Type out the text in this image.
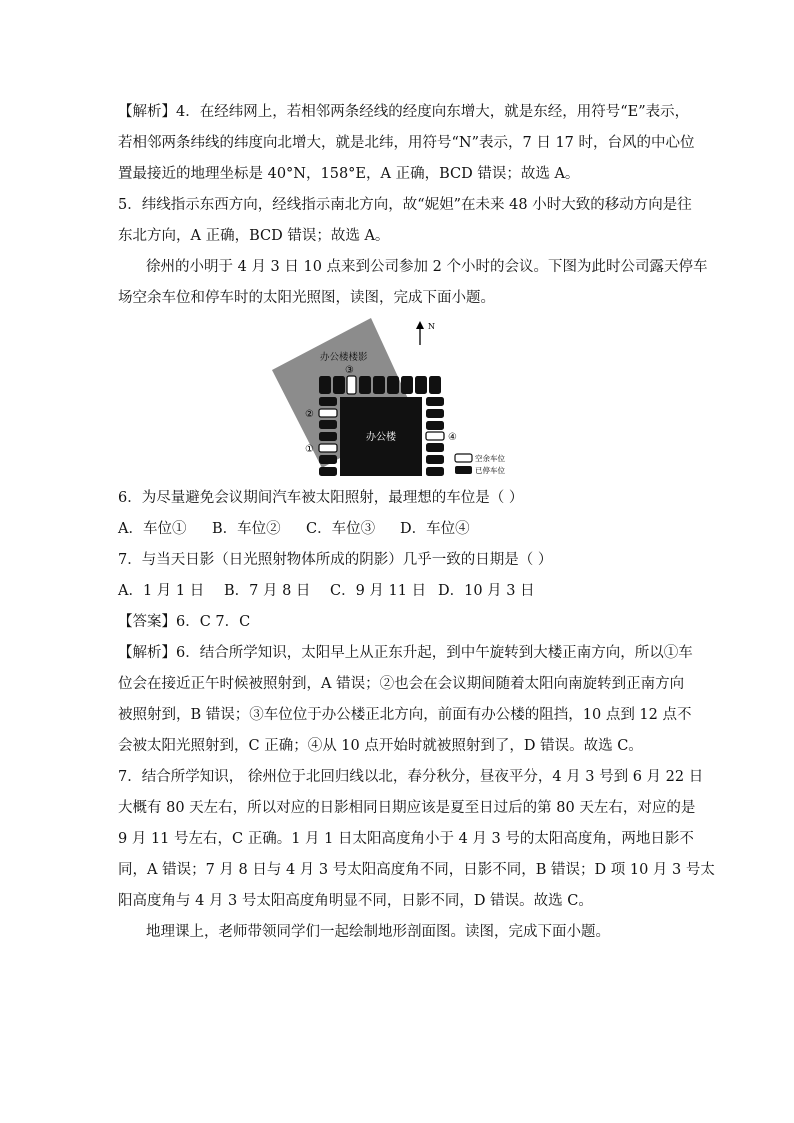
【解析】4．在经纬网上，若相邻两条经线的经度向东增大，就是东经，用符号“E”表示，
若相邻两条纬线的纬度向北增大，就是北纬，用符号“N”表示，7 日 17 时，台风的中心位
置最接近的地理坐标是 40°N，158°E，A 正确，BCD 错误；故选 A。
5．纬线指示东西方向，经线指示南北方向，故“妮妲”在未来 48 小时大致的移动方向是往
东北方向，A 正确，BCD 错误；故选 A。
徐州的小明于 4 月 3 日 10 点来到公司参加 2 个小时的会议。下图为此时公司露天停车
场空余车位和停车时的太阳光照图，读图，完成下面小题。
办公楼楼影
N
③
②
①
办公楼	④
空余车位
已停车位
6．为尽量避免会议期间汽车被太阳照射，最理想的车位是（ ）
A．车位① B．车位② C．车位③ D．车位④
7．与当天日影（日光照射物体所成的阴影）几乎一致的日期是（ ）
A．1 月 1 日 B．7 月 8 日 C．9 月 11 日 D．10 月 3 日
【答案】6．C 7．C
【解析】6．结合所学知识，太阳早上从正东升起，到中午旋转到大楼正南方向，所以①车
位会在接近正午时候被照射到，A 错误；②也会在会议期间随着太阳向南旋转到正南方向
被照射到，B 错误；③车位位于办公楼正北方向，前面有办公楼的阻挡，10 点到 12 点不
会被太阳光照射到，C 正确；④从 10 点开始时就被照射到了，D 错误。故选 C。
7．结合所学知识， 徐州位于北回归线以北，春分秋分，昼夜平分，4 月 3 号到 6 月 22 日
大概有 80 天左右，所以对应的日影相同日期应该是夏至日过后的第 80 天左右，对应的是
9 月 11 号左右，C 正确。1 月 1 日太阳高度角小于 4 月 3 号的太阳高度角，两地日影不
同，A 错误；7 月 8 日与 4 月 3 号太阳高度角不同，日影不同，B 错误；D 项 10 月 3 号太
阳高度角与 4 月 3 号太阳高度角明显不同，日影不同，D 错误。故选 C。
地理课上，老师带领同学们一起绘制地形剖面图。读图，完成下面小题。
